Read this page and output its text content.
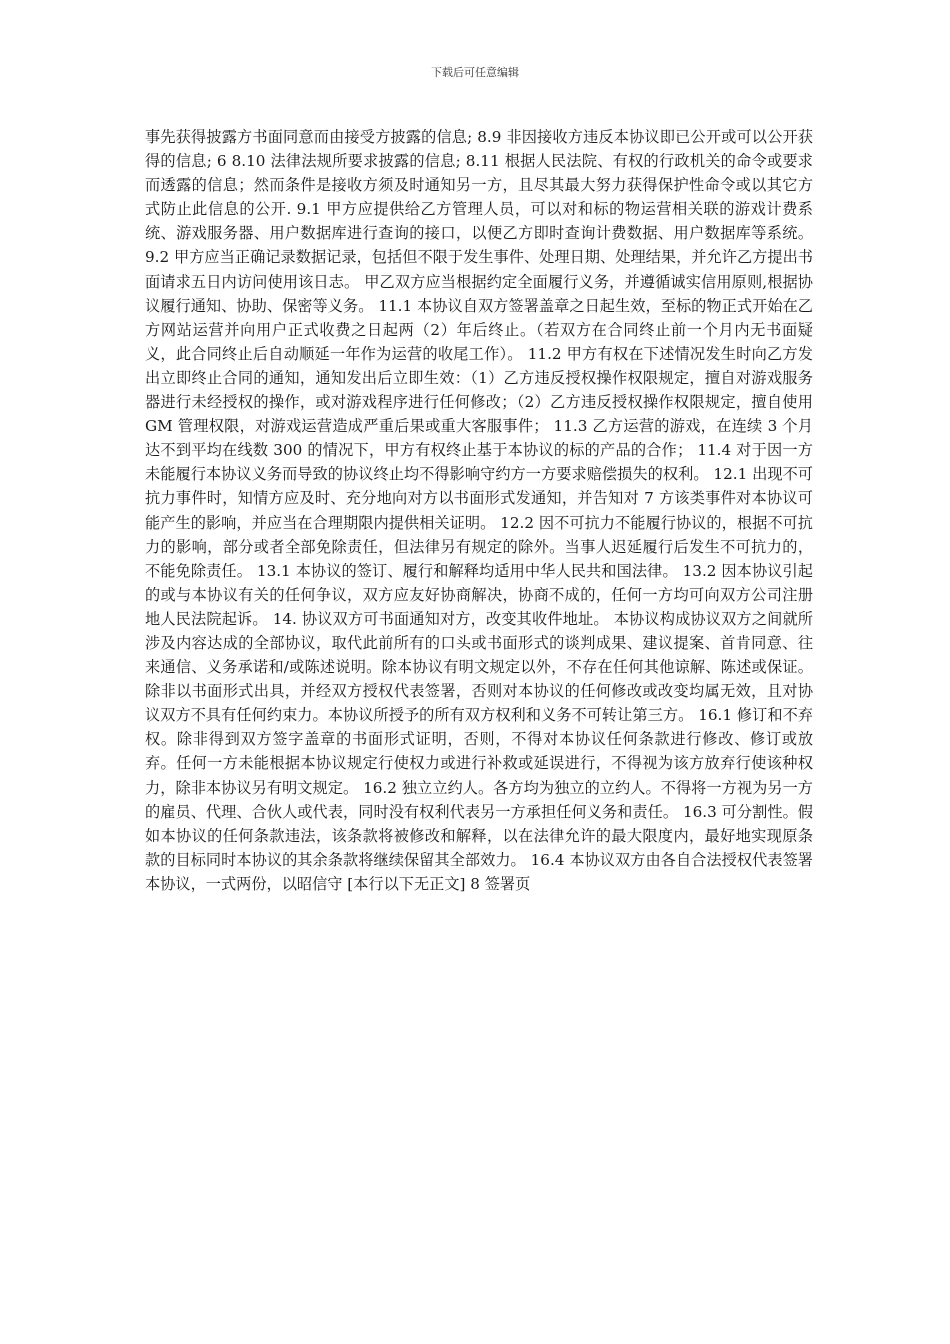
下载后可任意编辑

事先获得披露方书面同意而由接受方披露的信息; 8.9 非因接收方违反本协议即已公开或可以公开获得的信息; 6 8.10 法律法规所要求披露的信息; 8.11 根据人民法院、有权的行政机关的命令或要求而透露的信息；然而条件是接收方须及时通知另一方，且尽其最大努力获得保护性命令或以其它方式防止此信息的公开. 9.1 甲方应提供给乙方管理人员，可以对和标的物运营相关联的游戏计费系统、游戏服务器、用户数据库进行查询的接口，以便乙方即时查询计费数据、用户数据库等系统。 9.2 甲方应当正确记录数据记录，包括但不限于发生事件、处理日期、处理结果，并允许乙方提出书面请求五日内访问使用该日志。 甲乙双方应当根据约定全面履行义务，并遵循诚实信用原则,根据协议履行通知、协助、保密等义务。 11.1 本协议自双方签署盖章之日起生效，至标的物正式开始在乙方网站运营并向用户正式收费之日起两（2）年后终止。（若双方在合同终止前一个月内无书面疑义，此合同终止后自动顺延一年作为运营的收尾工作）。 11.2 甲方有权在下述情况发生时向乙方发出立即终止合同的通知，通知发出后立即生效：（1）乙方违反授权操作权限规定，擅自对游戏服务器进行未经授权的操作，或对游戏程序进行任何修改；（2）乙方违反授权操作权限规定，擅自使用 GM 管理权限，对游戏运营造成严重后果或重大客服事件； 11.3 乙方运营的游戏，在连续 3 个月达不到平均在线数 300 的情况下，甲方有权终止基于本协议的标的产品的合作； 11.4 对于因一方未能履行本协议义务而导致的协议终止均不得影响守约方一方要求赔偿损失的权利。 12.1 出现不可抗力事件时，知情方应及时、充分地向对方以书面形式发通知，并告知对 7 方该类事件对本协议可能产生的影响，并应当在合理期限内提供相关证明。 12.2 因不可抗力不能履行协议的，根据不可抗力的影响，部分或者全部免除责任，但法律另有规定的除外。当事人迟延履行后发生不可抗力的，不能免除责任。 13.1 本协议的签订、履行和解释均适用中华人民共和国法律。 13.2 因本协议引起的或与本协议有关的任何争议，双方应友好协商解决，协商不成的，任何一方均可向双方公司注册地人民法院起诉。 14. 协议双方可书面通知对方，改变其收件地址。 本协议构成协议双方之间就所涉及内容达成的全部协议，取代此前所有的口头或书面形式的谈判成果、建议提案、首肯同意、往来通信、义务承诺和/或陈述说明。除本协议有明文规定以外，不存在任何其他谅解、陈述或保证。除非以书面形式出具，并经双方授权代表签署，否则对本协议的任何修改或改变均属无效，且对协议双方不具有任何约束力。本协议所授予的所有双方权利和义务不可转让第三方。 16.1 修订和不弃权。除非得到双方签字盖章的书面形式证明，否则，不得对本协议任何条款进行修改、修订或放弃。任何一方未能根据本协议规定行使权力或进行补救或延误进行，不得视为该方放弃行使该种权力，除非本协议另有明文规定。 16.2 独立立约人。各方均为独立的立约人。不得将一方视为另一方的雇员、代理、合伙人或代表，同时没有权利代表另一方承担任何义务和责任。 16.3 可分割性。假如本协议的任何条款违法，该条款将被修改和解释，以在法律允许的最大限度内，最好地实现原条款的目标同时本协议的其余条款将继续保留其全部效力。 16.4 本协议双方由各自合法授权代表签署本协议，一式两份，以昭信守 [本行以下无正文] 8 签署页
